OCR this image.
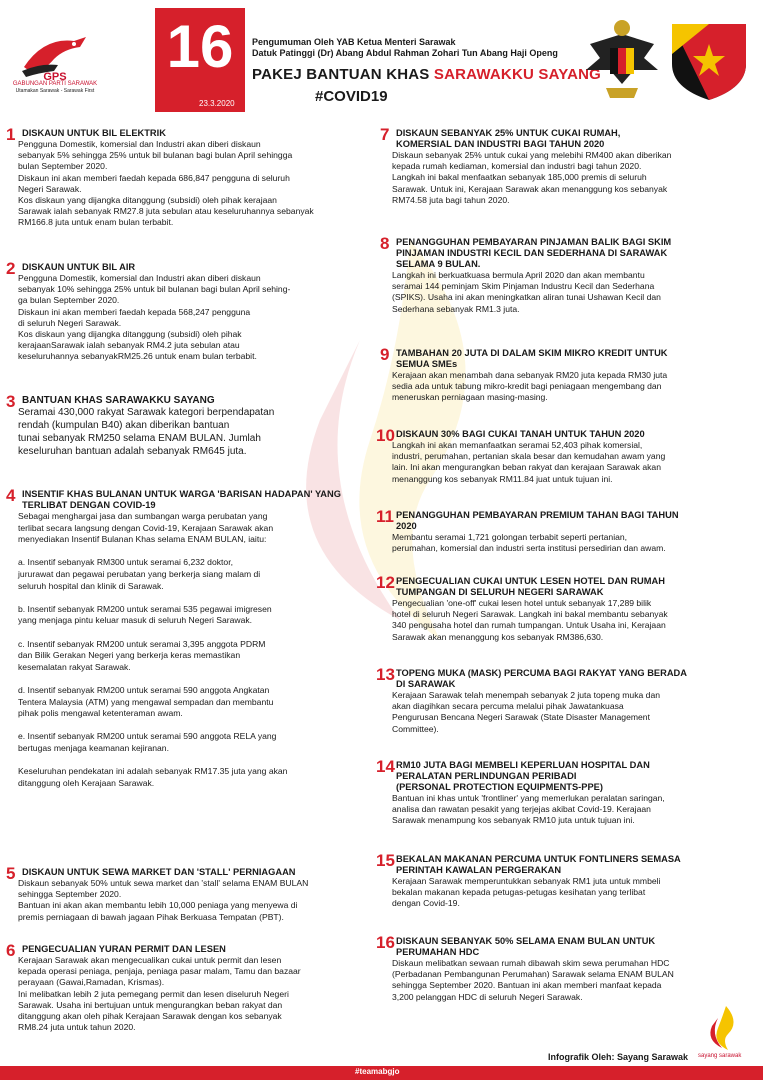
GPS
GABUNGAN PARTI SARAWAK
Utamakan Sarawak - Sarawak First
16
23.3.2020
Pengumuman Oleh YAB Ketua Menteri Sarawak
Datuk Patinggi (Dr) Abang Abdul Rahman Zohari Tun Abang Haji Openg
PAKEJ BANTUAN KHAS SARAWAKKU SAYANG
#COVID19
1 DISKAUN UNTUK BIL ELEKTRIK
Pengguna Domestik, komersial dan Industri akan diberi diskaun
sebanyak 5% sehingga 25% untuk bil bulanan bagi bulan April sehingga
bulan September 2020.
Diskaun ini akan memberi faedah kepada 686,847 pengguna di seluruh
Negeri Sarawak.
Kos diskaun yang dijangka ditanggung (subsidi) oleh pihak kerajaan
Sarawak ialah sebanyak RM27.8 juta sebulan atau keseluruhannya sebanyak
RM166.8 juta untuk enam bulan terbabit.
2 DISKAUN UNTUK BIL AIR
Pengguna Domestik, komersial dan Industri akan diberi diskaun
sebanyak 10% sehingga 25% untuk bil bulanan bagi bulan April sehing-
ga bulan September 2020.
Diskaun ini akan memberi faedah kepada 568,247 pengguna
di seluruh Negeri Sarawak.
Kos diskaun yang dijangka ditanggung (subsidi) oleh pihak
kerajaanSarawak ialah sebanyak RM4.2 juta sebulan atau
keseluruhannya sebanyakRM25.26 untuk enam bulan terbabit.
3 BANTUAN KHAS SARAWAKKU SAYANG
Seramai 430,000 rakyat Sarawak kategori berpendapatan
rendah (kumpulan B40) akan diberikan bantuan
tunai sebanyak RM250 selama ENAM BULAN. Jumlah
keseluruhan bantuan adalah sebanyak RM645 juta.
4 INSENTIF KHAS BULANAN UNTUK WARGA 'BARISAN HADAPAN' YANG
TERLIBAT DENGAN COVID-19
Sebagai menghargai jasa dan sumbangan warga perubatan yang
terlibat secara langsung dengan Covid-19, Kerajaan Sarawak akan
menyediakan Insentif Bulanan Khas selama ENAM BULAN, iaitu:

a. Insentif sebanyak RM300 untuk seramai 6,232 doktor,
jururawat dan pegawai perubatan yang berkerja siang malam di
seluruh hospital dan klinik di Sarawak.

b. Insentif sebanyak RM200 untuk seramai 535 pegawai imigresen
yang menjaga pintu keluar masuk di seluruh Negeri Sarawak.

c. Insentif sebanyak RM200 untuk seramai 3,395 anggota PDRM
dan Bilik Gerakan Negeri yang berkerja keras memastikan
kesemalatan rakyat Sarawak.

d. Insentif sebanyak RM200 untuk seramai 590 anggota Angkatan
Tentera Malaysia (ATM) yang mengawal sempadan dan membantu
pihak polis mengawal ketenteraman awam.

e. Insentif sebanyak RM200 untuk seramai 590 anggota RELA yang
bertugas menjaga keamanan kejiranan.

Keseluruhan pendekatan ini adalah sebanyak RM17.35 juta yang akan
ditanggung oleh Kerajaan Sarawak.
5 DISKAUN UNTUK SEWA MARKET DAN 'STALL' PERNIAGAAN
Diskaun sebanyak 50% untuk sewa market dan 'stall' selama ENAM BULAN
sehingga September 2020.
Bantuan ini akan akan membantu lebih 10,000 peniaga yang menyewa di
premis perniagaan di bawah jagaan Pihak Berkuasa Tempatan (PBT).
6 PENGECUALIAN YURAN PERMIT DAN LESEN
Kerajaan Sarawak akan mengecualikan cukai untuk permit dan lesen
kepada operasi peniaga, penjaja, peniaga pasar malam, Tamu dan bazaar
perayaan (Gawai,Ramadan, Krismas).
Ini melibatkan lebih 2 juta pemegang permit dan lesen diseluruh Negeri
Sarawak. Usaha ini bertujuan untuk mengurangkan beban rakyat dan
ditanggung akan oleh pihak Kerajaan Sarawak dengan kos sebanyak
RM8.24 juta untuk tahun 2020.
7 DISKAUN SEBANYAK 25% UNTUK CUKAI RUMAH,
KOMERSIAL DAN INDUSTRI BAGI TAHUN 2020
Diskaun sebanyak 25% untuk cukai yang melebihi RM400 akan diberikan
kepada rumah kediaman, komersial dan industri bagi tahun 2020.
Langkah ini bakal menfaatkan sebanyak 185,000 premis di seluruh
Sarawak. Untuk ini, Kerajaan Sarawak akan menanggung kos sebanyak
RM74.58 juta bagi tahun 2020.
8 PENANGGUHAN PEMBAYARAN PINJAMAN BALIK BAGI SKIM
PINJAMAN INDUSTRI KECIL DAN SEDERHANA DI SARAWAK
SELAMA 9 BULAN.
Langkah ini berkuatkuasa bermula April 2020 dan akan membantu
seramai 144 peminjam Skim Pinjaman Industru Kecil dan Sederhana
(SPIKS). Usaha ini akan meningkatkan aliran tunai Ushawan Kecil dan
Sederhana sebanyak RM1.3 juta.
9 TAMBAHAN 20 JUTA DI DALAM SKIM MIKRO KREDIT UNTUK
SEMUA SMEs
Kerajaan akan menambah dana sebanyak RM20 juta kepada RM30 juta
sedia ada untuk tabung mikro-kredit bagi peniagaan mengembang dan
meneruskan perniagaan masing-masing.
10 DISKAUN 30% BAGI CUKAI TANAH UNTUK TAHUN 2020
Langkah ini akan memanfaatkan seramai 52,403 pihak komersial,
industri, perumahan, pertanian skala besar dan kemudahan awam yang
lain. Ini akan mengurangkan beban rakyat dan kerajaan Sarawak akan
menanggung kos sebanyak RM11.84 juat untuk tujuan ini.
11 PENANGGUHAN PEMBAYARAN PREMIUM TAHAN BAGI TAHUN
2020
Membantu seramai 1,721 golongan terbabit seperti pertanian,
perumahan, komersial dan industri serta institusi persedirian dan awam.
12 PENGECUALIAN CUKAI UNTUK LESEN HOTEL DAN RUMAH
TUMPANGAN DI SELURUH NEGERI SARAWAK
Pengecualian 'one-off' cukai lesen hotel untuk sebanyak 17,289 bilik
hotel di seluruh Negeri Sarawak. Langkah ini bakal membantu sebanyak
340 pengusaha hotel dan rumah tumpangan. Untuk Usaha ini, Kerajaan
Sarawak akan menanggung kos sebanyak RM386,630.
13 TOPENG MUKA (MASK) PERCUMA BAGI RAKYAT YANG BERADA
DI SARAWAK
Kerajaan Sarawak telah menempah sebanyak 2 juta topeng muka dan
akan diagihkan secara percuma melalui pihak Jawatankuasa
Pengurusan Bencana Negeri Sarawak (State Disaster Management
Committee).
14 RM10 JUTA BAGI MEMBELI KEPERLUAN HOSPITAL DAN
PERALATAN PERLINDUNGAN PERIBADI
(PERSONAL PROTECTION EQUIPMENTS-PPE)
Bantuan ini khas untuk 'frontliner' yang memerlukan peralatan saringan,
analisa dan rawatan pesakit yang terjejas akibat Covid-19. Kerajaan
Sarawak menampung kos sebanyak RM10 juta untuk tujuan ini.
15 BEKALAN MAKANAN PERCUMA UNTUK FONTLINERS SEMASA
PERINTAH KAWALAN PERGERAKAN
Kerajaan Sarawak memperuntukkan sebanyak RM1 juta untuk mmbeli
bekalan makanan kepada petugas-petugas kesihatan yang terlibat
dengan Covid-19.
16 DISKAUN SEBANYAK 50% SELAMA ENAM BULAN UNTUK
PERUMAHAN HDC
Diskaun melibatkan sewaan rumah dibawah skim sewa perumahan HDC
(Perbadanan Pembangunan Perumahan) Sarawak selama ENAM BULAN
sehingga September 2020. Bantuan ini akan memberi manfaat kepada
3,200 pelanggan HDC di seluruh Negeri Sarawak.
Infografik Oleh: Sayang Sarawak sayang sarawak
#teamabgjo
